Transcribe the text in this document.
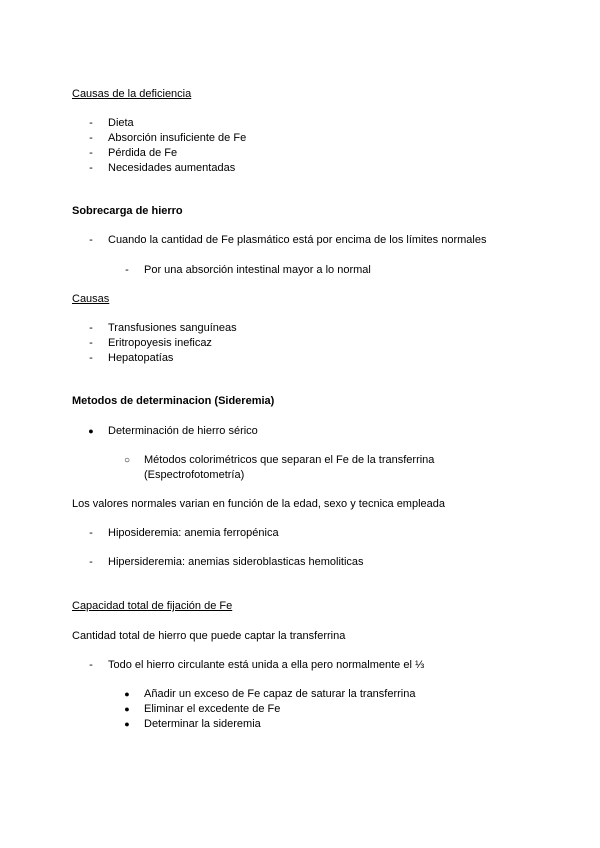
Causas de la deficiencia
- Dieta
- Absorción insuficiente de Fe
- Pérdida de Fe
- Necesidades aumentadas
Sobrecarga de hierro
- Cuando la cantidad de Fe plasmático está por encima de los límites normales
- Por una absorción intestinal mayor a lo normal
Causas
- Transfusiones sanguíneas
- Eritropoyesis ineficaz
- Hepatopatías
Metodos de determinacion (Sideremia)
● Determinación de hierro sérico
○ Métodos colorimétricos que separan el Fe de la transferrina
(Espectrofotometría)
Los valores normales varian en función de la edad, sexo y tecnica empleada
- Hiposideremia: anemia ferropénica
- Hipersideremia: anemias sideroblasticas hemoliticas
Capacidad total de fijación de Fe
Cantidad total de hierro que puede captar la transferrina
- Todo el hierro circulante está unida a ella pero normalmente el ⅓
● Añadir un exceso de Fe capaz de saturar la transferrina
● Eliminar el excedente de Fe
● Determinar la sideremia
